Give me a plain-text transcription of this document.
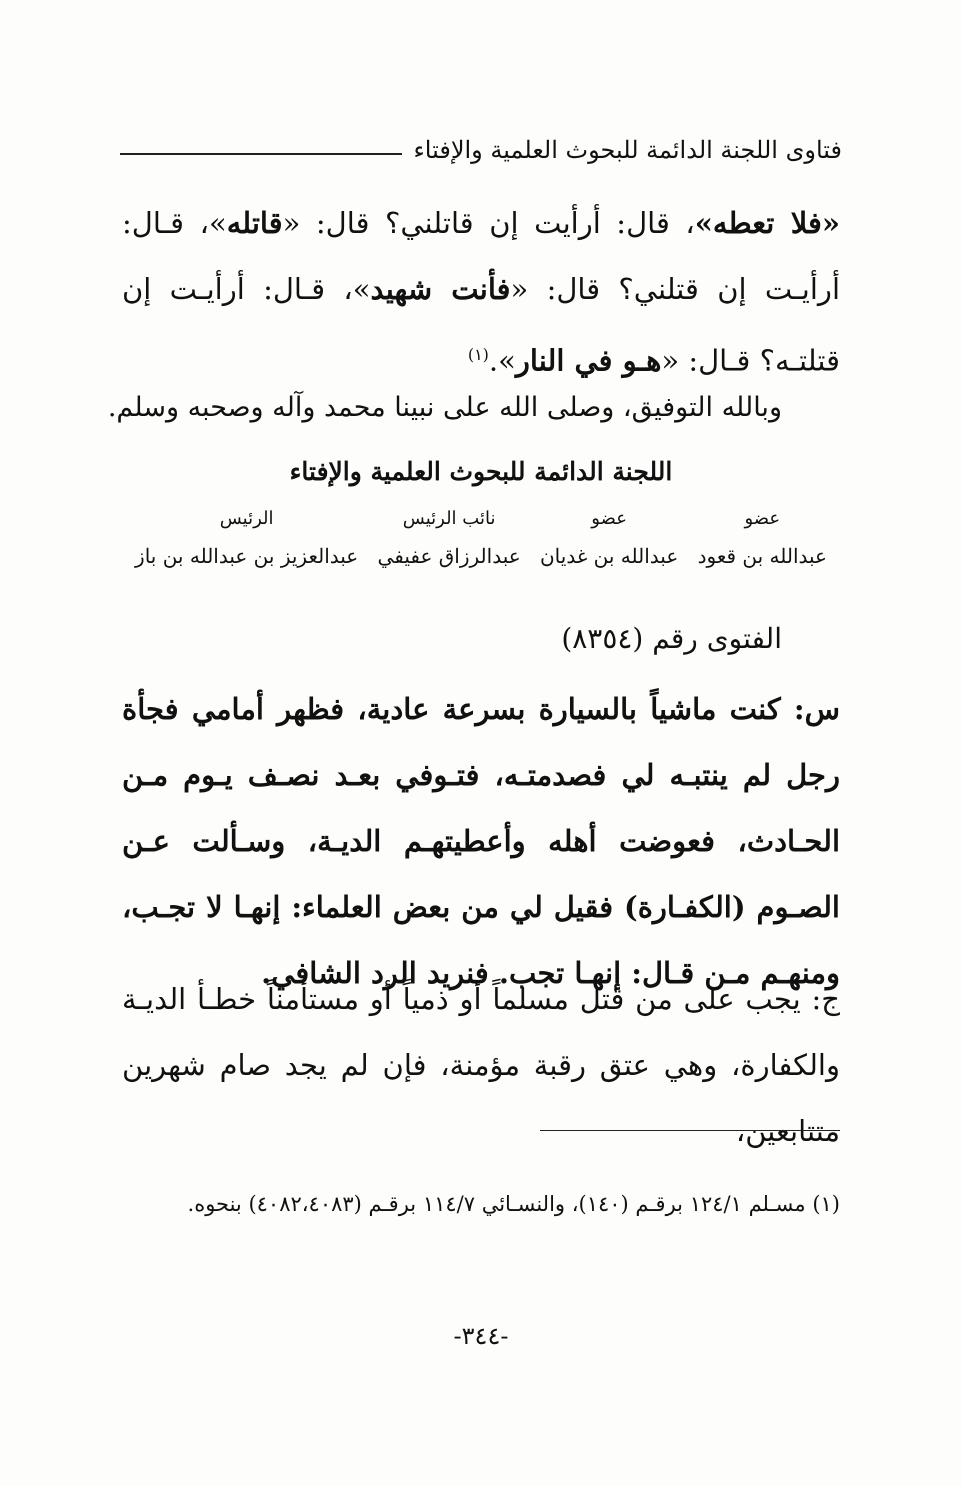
فتاوى اللجنة الدائمة للبحوث العلمية والإفتاء
«فلا تعطه»، قال: أرأيت إن قاتلني؟ قال: «قاتله»، قـال: أرأيـت إن قتلني؟ قال: «فأنت شهيد»، قـال: أرأيـت إن قتلتـه؟ قـال: «هـو في النار».$^{(١)}$
وبالله التوفيق، وصلى الله على نبينا محمد وآله وصحبه وسلم.
اللجنة الدائمة للبحوث العلمية والإفتاء
عضو
عبدالله بن قعود
عضو
عبدالله بن غديان
نائب الرئيس
عبدالرزاق عفيفي
الرئيس
عبدالعزيز بن عبدالله بن باز
الفتوى رقم (٨٣٥٤)
س: كنت ماشياً بالسيارة بسرعة عادية، فظهر أمامي فجأة رجل لم ينتبـه لي فصدمتـه، فتـوفي بعـد نصـف يـوم مـن الحـادث، فعوضت أهله وأعطيتهـم الديـة، وسـألت عـن الصـوم (الكفـارة) فقيل لي من بعض العلماء: إنهـا لا تجـب، ومنهـم مـن قـال: إنهـا تجب. فنريد الرد الشافي.
ج: يجب على من قتل مسلماً أو ذمياً أو مستأمناً خطـأ الديـة والكفارة، وهي عتق رقبة مؤمنة، فإن لم يجد صام شهرين متتابعين،
(١) مسـلم ١٢٤/١ برقـم (١٤٠)، والنسـائي ١١٤/٧ برقـم (٤٠٨٢،٤٠٨٣) بنحوه.
-٣٤٤-
